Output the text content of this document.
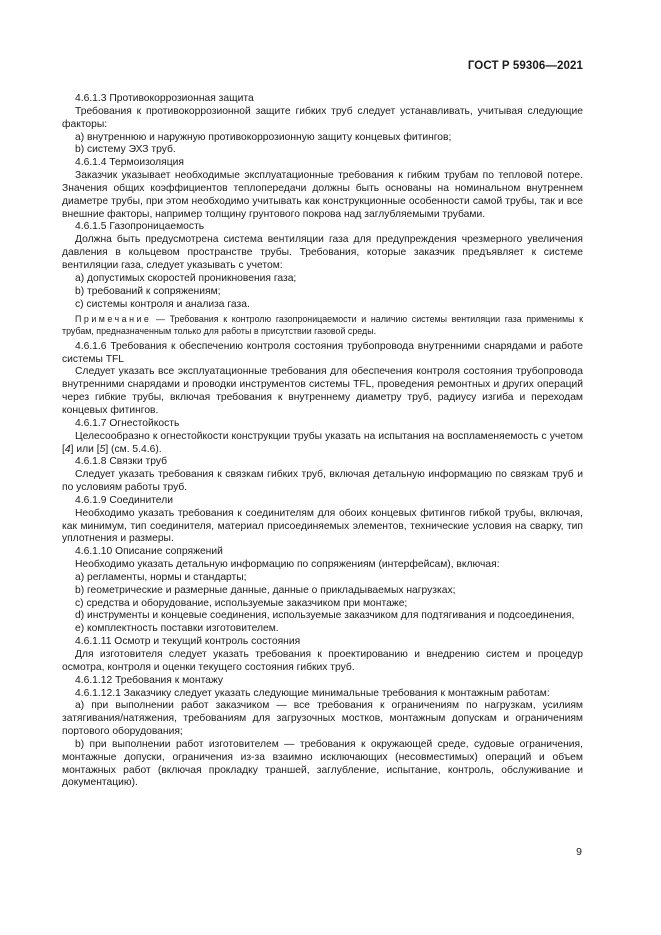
ГОСТ Р 59306—2021

4.6.1.3 Противокоррозионная защита

Требования к противокоррозионной защите гибких труб следует устанавливать, учитывая следующие факторы:

a) внутреннюю и наружную противокоррозионную защиту концевых фитингов;

b) систему ЭХЗ труб.

4.6.1.4 Термоизоляция

Заказчик указывает необходимые эксплуатационные требования к гибким трубам по тепловой потере. Значения общих коэффициентов теплопередачи должны быть основаны на номинальном внутреннем диаметре трубы, при этом необходимо учитывать как конструкционные особенности самой трубы, так и все внешние факторы, например толщину грунтового покрова над заглубляемыми трубами.

4.6.1.5 Газопроницаемость

Должна быть предусмотрена система вентиляции газа для предупреждения чрезмерного увеличения давления в кольцевом пространстве трубы. Требования, которые заказчик предъявляет к системе вентиляции газа, следует указывать с учетом:

a) допустимых скоростей проникновения газа;

b) требований к сопряжениям;

c) системы контроля и анализа газа.

Примечание — Требования к контролю газопроницаемости и наличию системы вентиляции газа применимы к трубам, предназначенным только для работы в присутствии газовой среды.

4.6.1.6 Требования к обеспечению контроля состояния трубопровода внутренними снарядами и работе системы TFL

Следует указать все эксплуатационные требования для обеспечения контроля состояния трубопровода внутренними снарядами и проводки инструментов системы TFL, проведения ремонтных и других операций через гибкие трубы, включая требования к внутреннему диаметру труб, радиусу изгиба и переходам концевых фитингов.

4.6.1.7 Огнестойкость

Целесообразно к огнестойкости конструкции трубы указать на испытания на воспламеняемость с учетом [4] или [5] (см. 5.4.6).

4.6.1.8 Связки труб

Следует указать требования к связкам гибких труб, включая детальную информацию по связкам труб и по условиям работы труб.

4.6.1.9 Соединители

Необходимо указать требования к соединителям для обоих концевых фитингов гибкой трубы, включая, как минимум, тип соединителя, материал присоединяемых элементов, технические условия на сварку, тип уплотнения и размеры.

4.6.1.10 Описание сопряжений

Необходимо указать детальную информацию по сопряжениям (интерфейсам), включая:

a) регламенты, нормы и стандарты;

b) геометрические и размерные данные, данные о прикладываемых нагрузках;

c) средства и оборудование, используемые заказчиком при монтаже;

d) инструменты и концевые соединения, используемые заказчиком для подтягивания и подсоединения,

e) комплектность поставки изготовителем.

4.6.1.11 Осмотр и текущий контроль состояния

Для изготовителя следует указать требования к проектированию и внедрению систем и процедур осмотра, контроля и оценки текущего состояния гибких труб.

4.6.1.12 Требования к монтажу

4.6.1.12.1 Заказчику следует указать следующие минимальные требования к монтажным работам:

a) при выполнении работ заказчиком — все требования к ограничениям по нагрузкам, усилиям затягивания/натяжения, требованиям для загрузочных мостков, монтажным допускам и ограничениям портового оборудования;

b) при выполнении работ изготовителем — требования к окружающей среде, судовые ограничения, монтажные допуски, ограничения из-за взаимно исключающих (несовместимых) операций и объем монтажных работ (включая прокладку траншей, заглубление, испытание, контроль, обслуживание и документацию).

9
